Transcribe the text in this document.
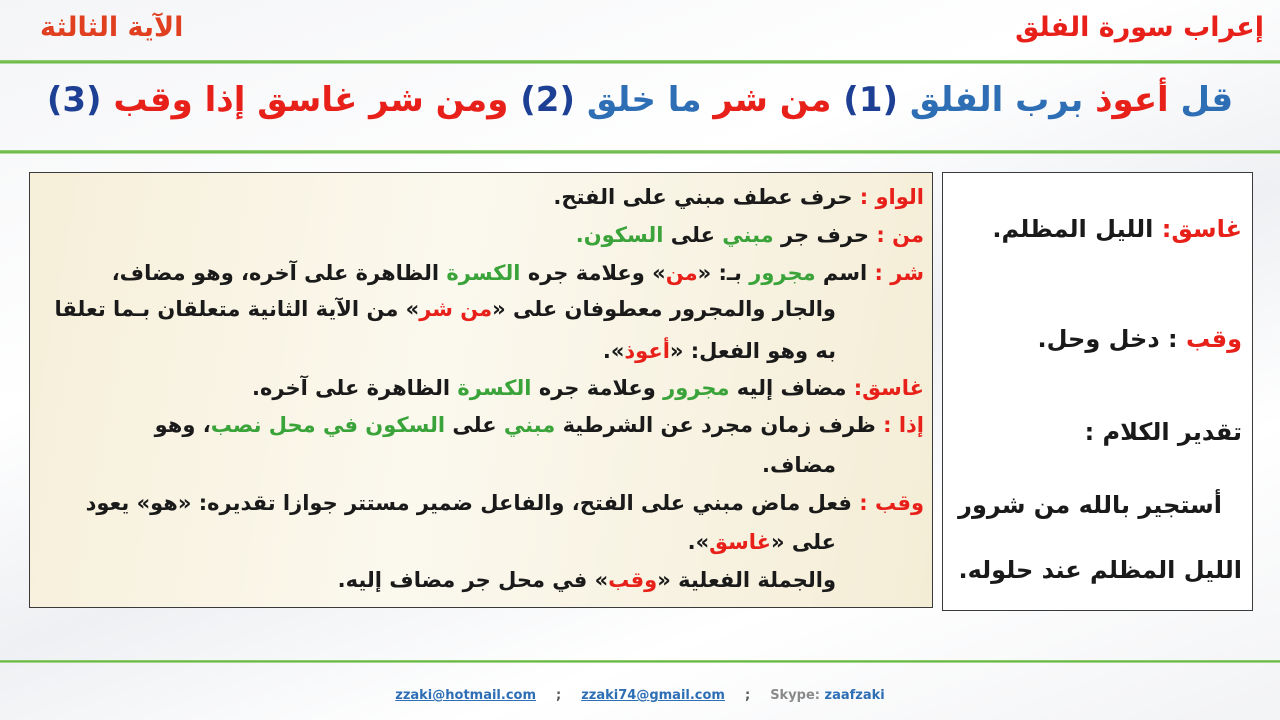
إعراب سورة الفلق
الآية الثالثة
قل أعوذ برب الفلق (1) من شر ما خلق (2) ومن شر غاسق إذا وقب (3)
الواو : حرف عطف مبني على الفتح.
من : حرف جر مبني على السكون.
شر : اسم مجرور بـ: «من» وعلامة جره الكسرة الظاهرة على آخره، وهو مضاف،
والجار والمجرور معطوفان على «من شر» من الآية الثانية متعلقان بـما تعلقا
به وهو الفعل: «أعوذ».
غاسق: مضاف إليه مجرور وعلامة جره الكسرة الظاهرة على آخره.
إذا : ظرف زمان مجرد عن الشرطية مبني على السكون في محل نصب، وهو
مضاف.
وقب : فعل ماض مبني على الفتح، والفاعل ضمير مستتر جوازا تقديره: «هو» يعود
على «غاسق».
والجملة الفعلية «وقب» في محل جر مضاف إليه.
غاسق: الليل المظلم.
وقب : دخل وحل.
تقدير الكلام :
أستجير بالله من شرور
الليل المظلم عند حلوله.
zzaki@hotmail.com ; zzaki74@gmail.com ; Skype: zaafzaki
